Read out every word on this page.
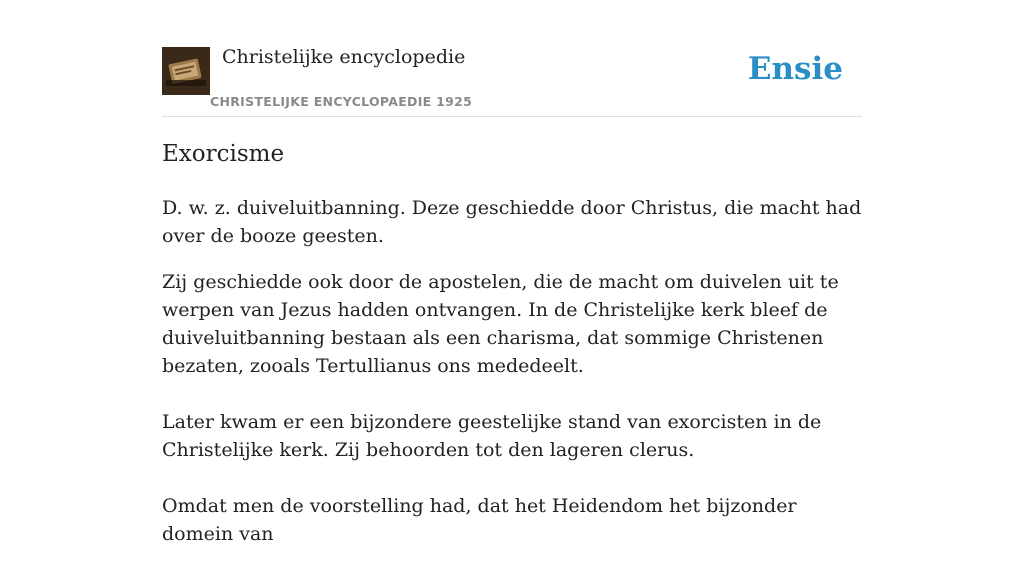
Christelijke encyclopedie
CHRISTELIJKE ENCYCLOPAEDIE 1925
Ensie
Exorcisme

D. w. z. duiveluitbanning. Deze geschiedde door Christus, die macht had over de booze geesten.

Zij geschiedde ook door de apostelen, die de macht om duivelen uit te werpen van Jezus hadden ontvangen. In de Christelijke kerk bleef de duiveluitbanning bestaan als een charisma, dat sommige Christenen bezaten, zooals Tertullianus ons mededeelt.

Later kwam er een bijzondere geestelijke stand van exorcisten in de Christelijke kerk. Zij behoorden tot den lageren clerus.

Omdat men de voorstelling had, dat het Heidendom het bijzonder domein van
